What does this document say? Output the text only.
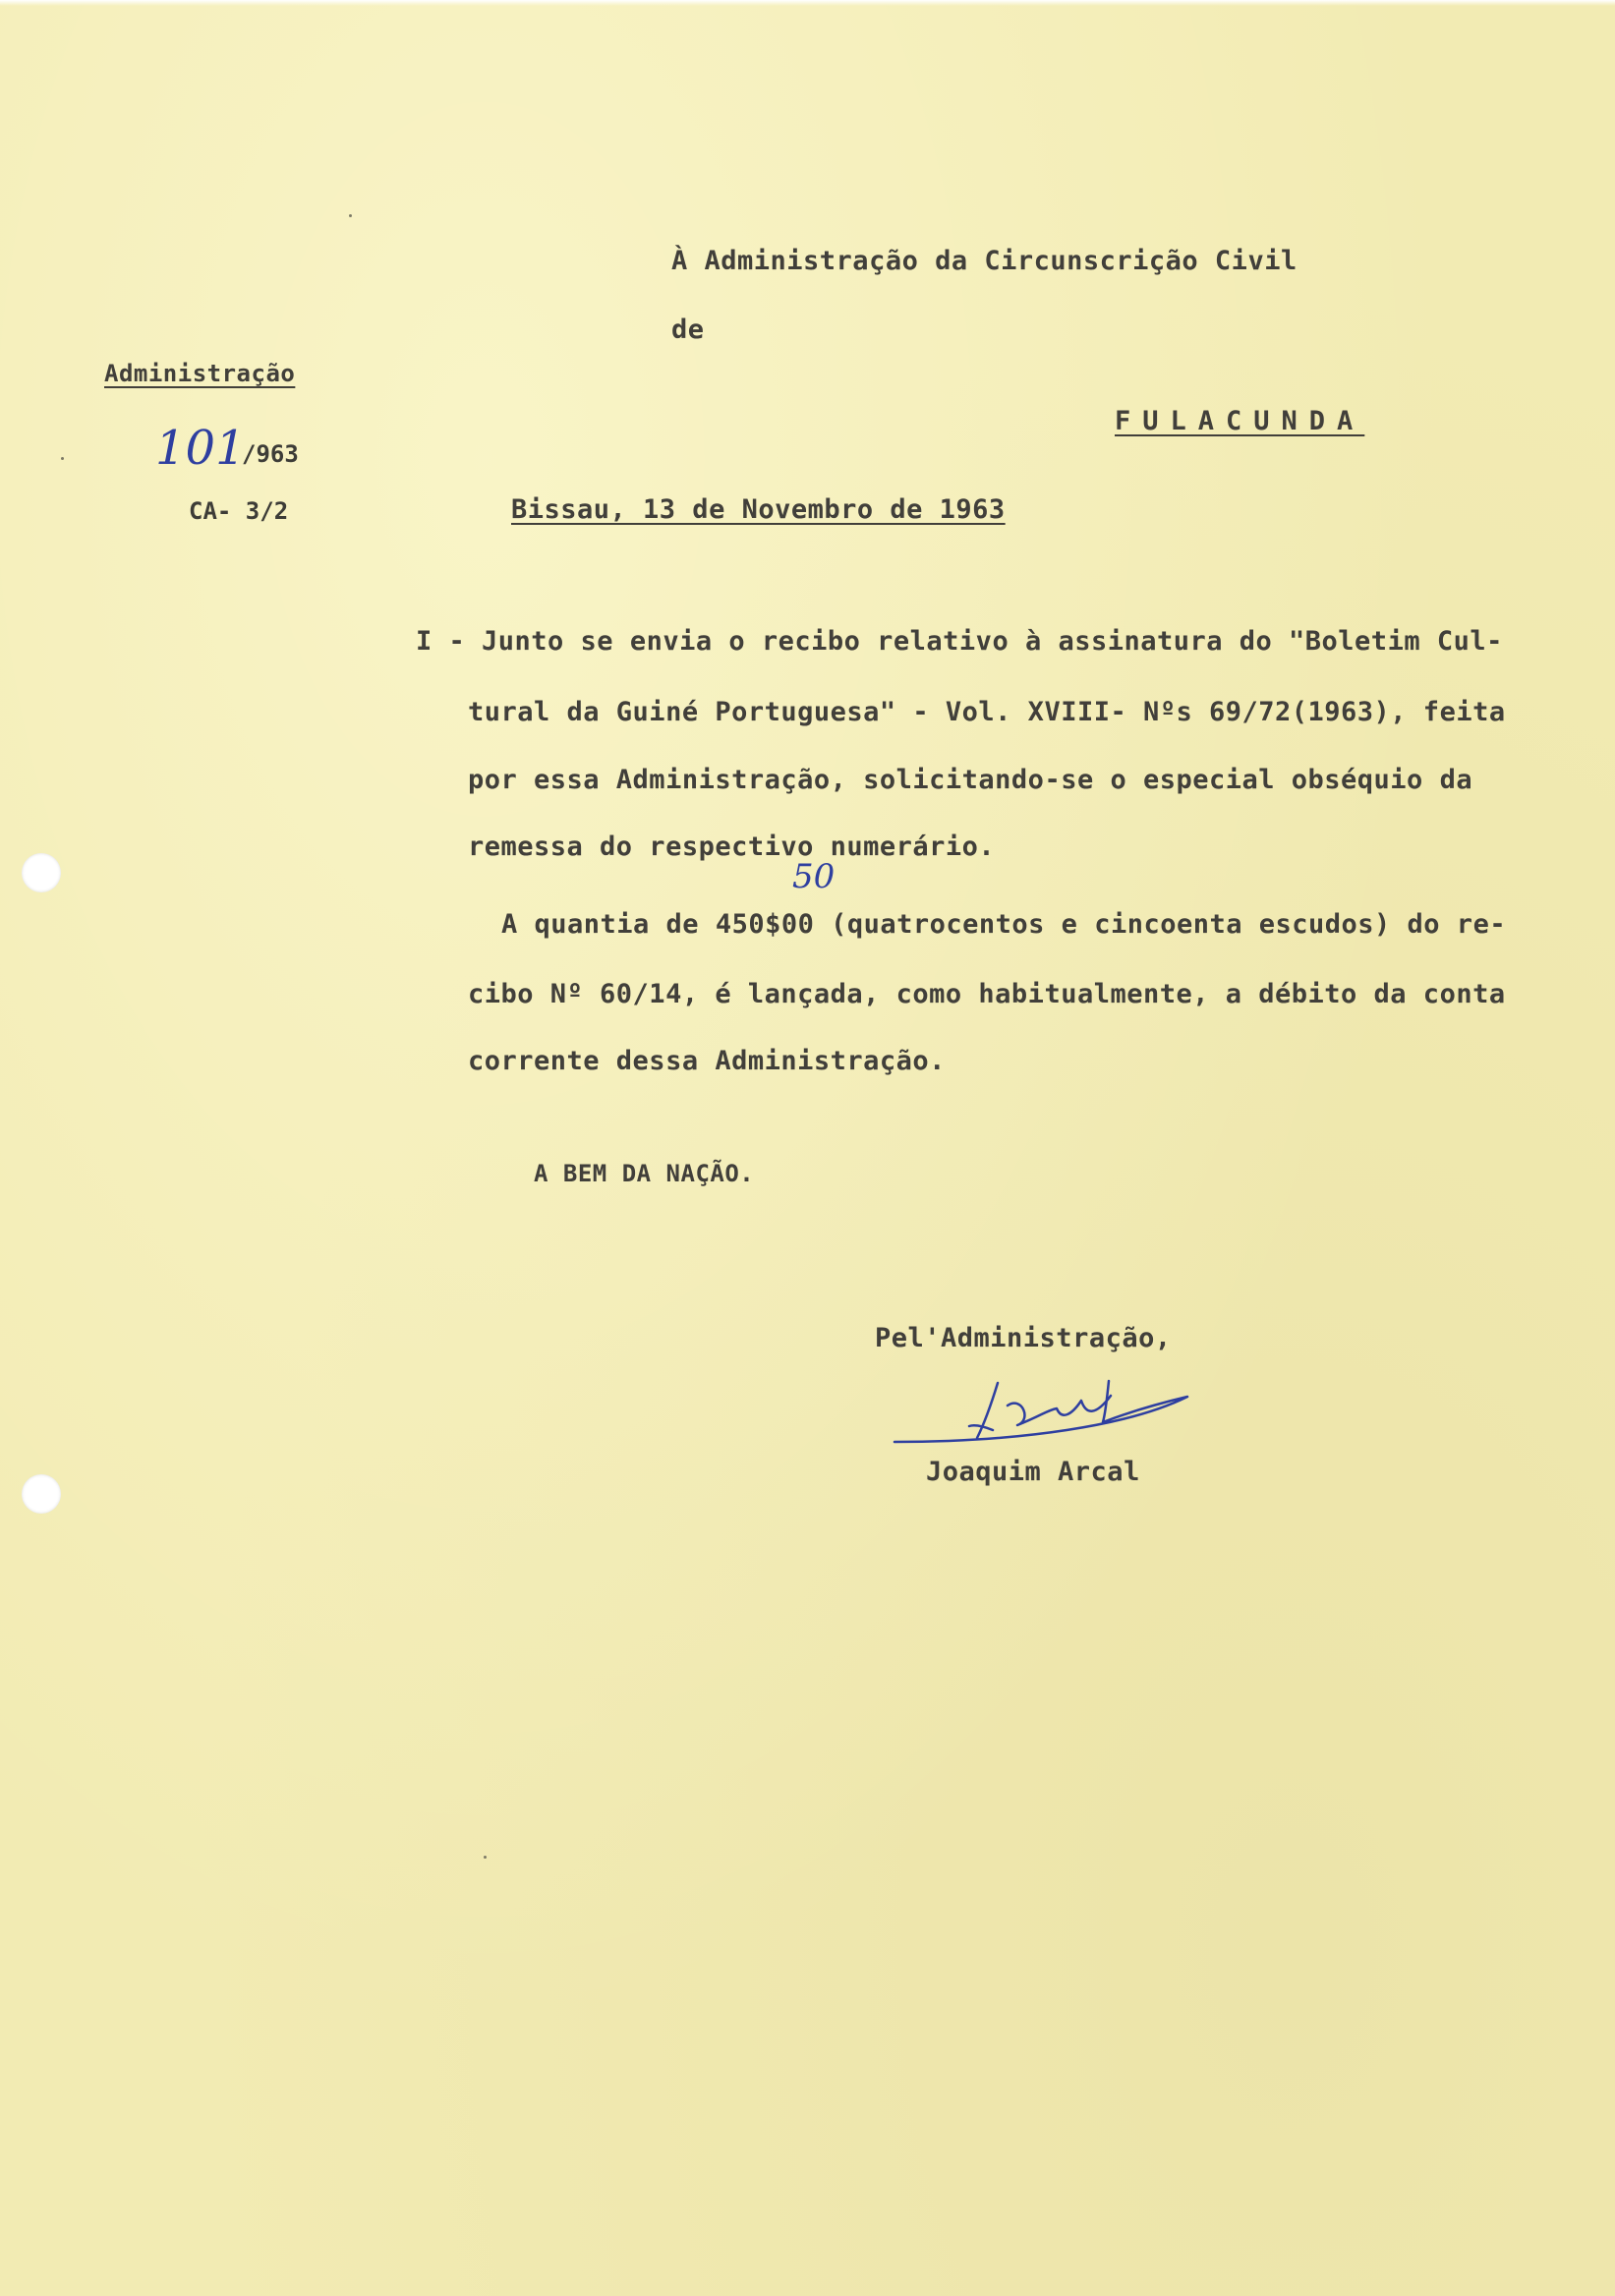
À Administração da Circunscrição Civil
de
FULACUNDA
Administração
101
/963
CA- 3/2	Bissau, 13 de Novembro de 1963
I - Junto se envia o recibo relativo à assinatura do "Boletim Cul-
tural da Guiné Portuguesa" - Vol. XVIII- Nºs 69/72(1963), feita
por essa Administração, solicitando-se o especial obséquio da
remessa do respectivo numerário.
50
A quantia de 450$00 (quatrocentos e cincoenta escudos) do re-
cibo Nº 60/14, é lançada, como habitualmente, a débito da conta
corrente dessa Administração.
A BEM DA NAÇÃO.
Pel'Administração,
Joaquim Arcal
